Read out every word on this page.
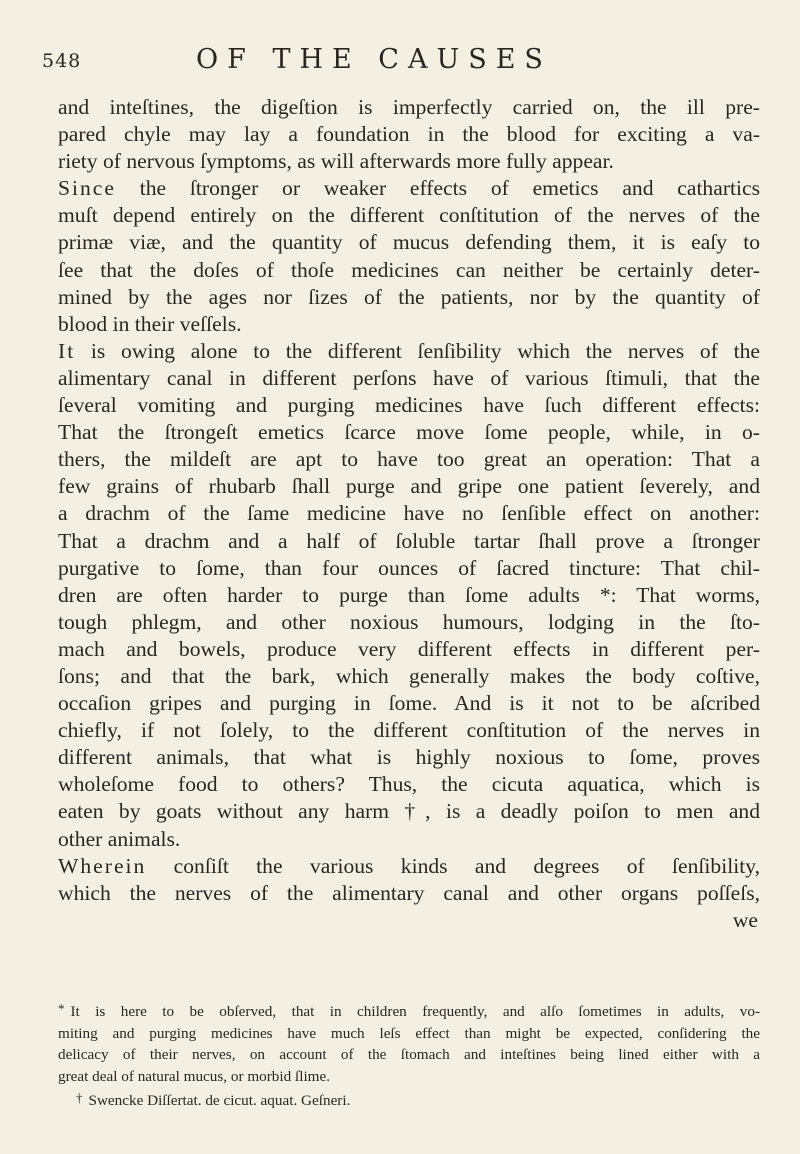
548	OF THE CAUSES

and inteſtines, the digeſtion is imperfectly carried on, the ill pre-
pared chyle may lay a foundation in the blood for exciting a va-
riety of nervous ſymptoms, as will afterwards more fully appear.

Since the ſtronger or weaker effects of emetics and cathartics
muſt depend entirely on the different conſtitution of the nerves of the
primæ viæ, and the quantity of mucus defending them, it is eaſy to
ſee that the doſes of thoſe medicines can neither be certainly deter-
mined by the ages nor ſizes of the patients, nor by the quantity of
blood in their veſſels.

It is owing alone to the different ſenſibility which the nerves of the
alimentary canal in different perſons have of various ſtimuli, that the
ſeveral vomiting and purging medicines have ſuch different effects:
That the ſtrongeſt emetics ſcarce move ſome people, while, in o-
thers, the mildeſt are apt to have too great an operation: That a
few grains of rhubarb ſhall purge and gripe one patient ſeverely, and
a drachm of the ſame medicine have no ſenſible effect on another:
That a drachm and a half of ſoluble tartar ſhall prove a ſtronger
purgative to ſome, than four ounces of ſacred tincture: That chil-
dren are often harder to purge than ſome adults *: That worms,
tough phlegm, and other noxious humours, lodging in the ſto-
mach and bowels, produce very different effects in different per-
ſons; and that the bark, which generally makes the body coſtive,
occaſion gripes and purging in ſome. And is it not to be aſcribed
chiefly, if not ſolely, to the different conſtitution of the nerves in
different animals, that what is highly noxious to ſome, proves
wholeſome food to others? Thus, the cicuta aquatica, which is
eaten by goats without any harm †, is a deadly poiſon to men and
other animals.

Wherein conſiſt the various kinds and degrees of ſenſibility,
which the nerves of the alimentary canal and other organs poſſeſs,

we
* It is here to be obſerved, that in children frequently, and alſo ſometimes in adults, vo-
miting and purging medicines have much leſs effect than might be expected, conſidering the
delicacy of their nerves, on account of the ſtomach and inteſtines being lined either with a
great deal of natural mucus, or morbid ſlime.
† Swencke Diſſertat. de cicut. aquat. Geſneri.
